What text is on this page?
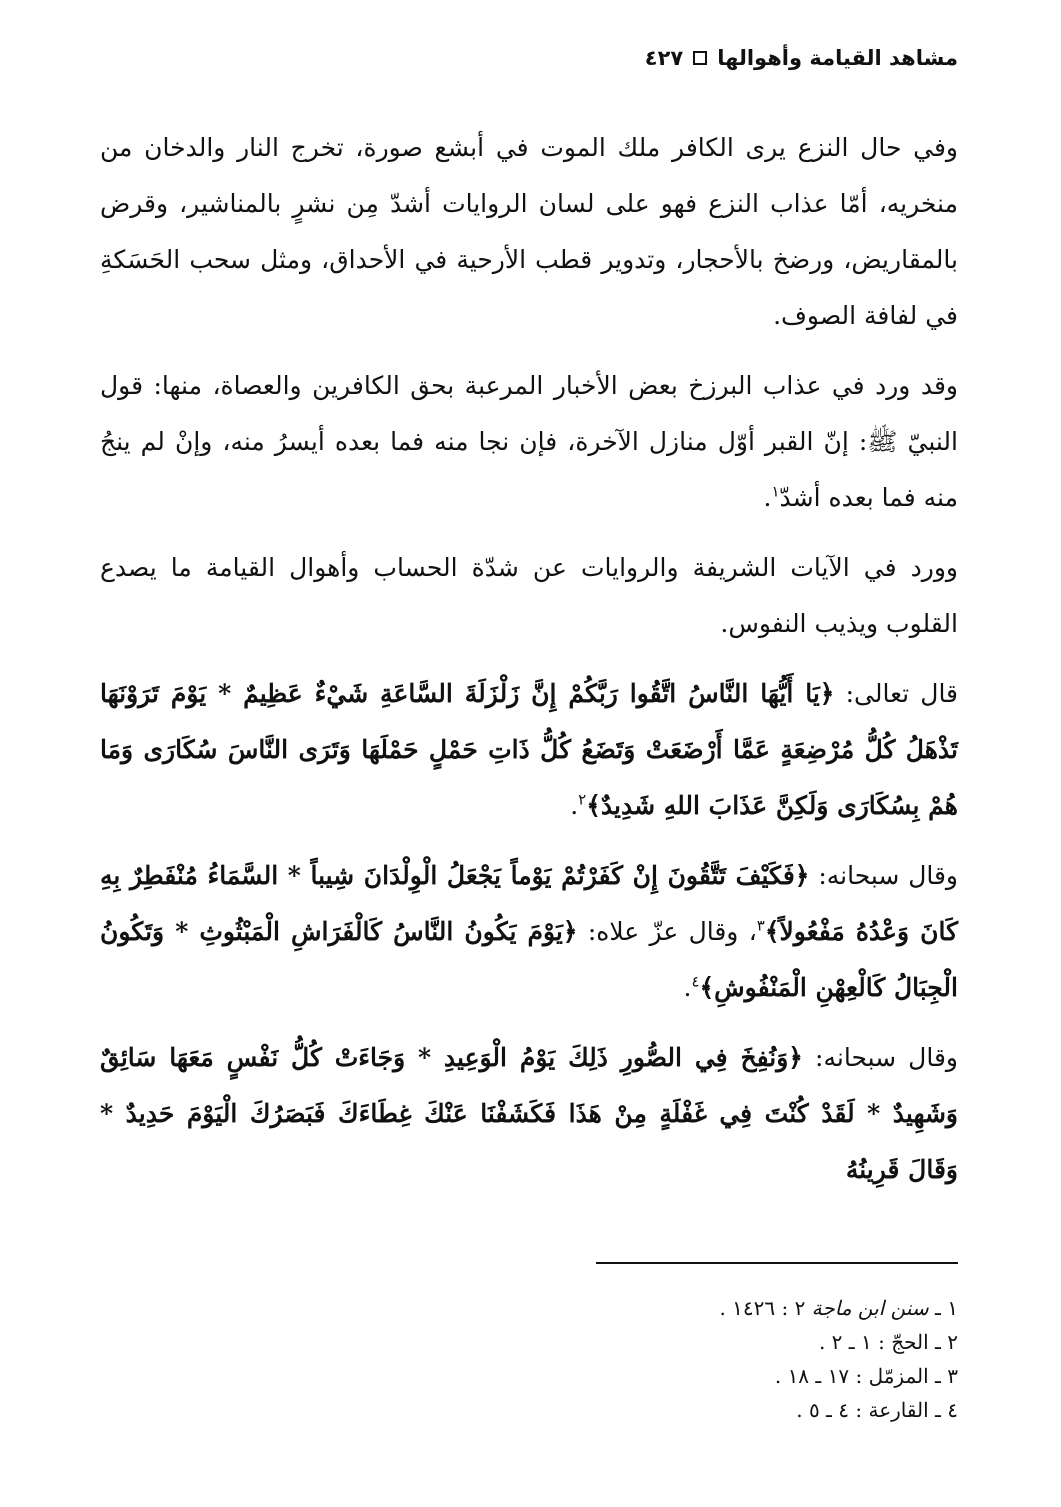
مشاهد القيامة وأهوالها
٤٢٧

وفي حال النزع يرى الكافر ملك الموت في أبشع صورة، تخرج النار والدخان من منخريه، أمّا عذاب النزع فهو على لسان الروايات أشدّ مِن نشرٍ بالمناشير، وقرض بالمقاريض، ورضخ بالأحجار، وتدوير قطب الأرحية في الأحداق، ومثل سحب الحَسَكةِ في لفافة الصوف.

وقد ورد في عذاب البرزخ بعض الأخبار المرعبة بحق الكافرين والعصاة، منها: قول النبيّ ﷺ: إنّ القبر أوّل منازل الآخرة، فإن نجا منه فما بعده أيسرُ منه، وإنْ لم ينجُ منه فما بعده أشدّ$^١$.

وورد في الآيات الشريفة والروايات عن شدّة الحساب وأهوال القيامة ما يصدع القلوب ويذيب النفوس.

قال تعالى: ﴿يَا أَيُّهَا النَّاسُ اتَّقُوا رَبَّكُمْ إِنَّ زَلْزَلَةَ السَّاعَةِ شَيْءٌ عَظِيمٌ * يَوْمَ تَرَوْنَهَا تَذْهَلُ كُلُّ مُرْضِعَةٍ عَمَّا أَرْضَعَتْ وَتَضَعُ كُلُّ ذَاتِ حَمْلٍ حَمْلَهَا وَتَرَى النَّاسَ سُكَارَى وَمَا هُمْ بِسُكَارَى وَلَكِنَّ عَذَابَ اللهِ شَدِيدٌ﴾$^٢$.

وقال سبحانه: ﴿فَكَيْفَ تَتَّقُونَ إِنْ كَفَرْتُمْ يَوْماً يَجْعَلُ الْوِلْدَانَ شِيباً * السَّمَاءُ مُنْفَطِرٌ بِهِ كَانَ وَعْدُهُ مَفْعُولاً﴾$^٣$، وقال عزّ علاه: ﴿يَوْمَ يَكُونُ النَّاسُ كَالْفَرَاشِ الْمَبْثُوثِ * وَتَكُونُ الْجِبَالُ كَالْعِهْنِ الْمَنْفُوشِ﴾$^٤$.

وقال سبحانه: ﴿وَنُفِخَ فِي الصُّورِ ذَلِكَ يَوْمُ الْوَعِيدِ * وَجَاءَتْ كُلُّ نَفْسٍ مَعَهَا سَائِقٌ وَشَهِيدٌ * لَقَدْ كُنْتَ فِي غَفْلَةٍ مِنْ هَذَا فَكَشَفْنَا عَنْكَ غِطَاءَكَ فَبَصَرُكَ الْيَوْمَ حَدِيدٌ * وَقَالَ قَرِينُهُ

١ ـ سنن ابن ماجة ٢ : ١٤٢٦ .
٢ ـ الحجّ : ١ ـ ٢ .
٣ ـ المزمّل : ١٧ ـ ١٨ .
٤ ـ القارعة : ٤ ـ ٥ .
